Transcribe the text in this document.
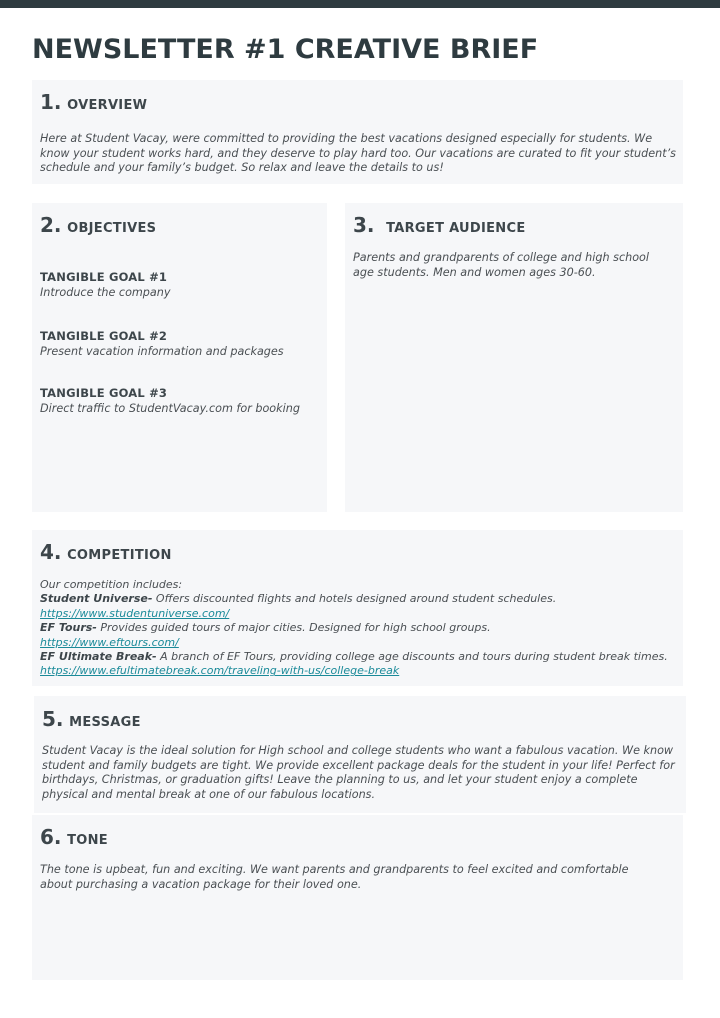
NEWSLETTER #1 CREATIVE BRIEF
1. OVERVIEW

Here at Student Vacay, were committed to providing the best vacations designed especially for students. We know your student works hard, and they deserve to play hard too. Our vacations are curated to fit your student’s schedule and your family’s budget. So relax and leave the details to us!

2. OBJECTIVES

TANGIBLE GOAL #1

Introduce the company

TANGIBLE GOAL #2

Present vacation information and packages

TANGIBLE GOAL #3

Direct traffic to StudentVacay.com for booking

3. TARGET AUDIENCE

Parents and grandparents of college and high school age students. Men and women ages 30-60.

4. COMPETITION
Our competition includes:
Student Universe- Offers discounted flights and hotels designed around student schedules.
https://www.studentuniverse.com/
EF Tours- Provides guided tours of major cities. Designed for high school groups.
https://www.eftours.com/
EF Ultimate Break- A branch of EF Tours, providing college age discounts and tours during student break times.
https://www.efultimatebreak.com/traveling-with-us/college-break
5. MESSAGE

Student Vacay is the ideal solution for High school and college students who want a fabulous vacation. We know student and family budgets are tight. We provide excellent package deals for the student in your life! Perfect for birthdays, Christmas, or graduation gifts! Leave the planning to us, and let your student enjoy a complete physical and mental break at one of our fabulous locations.

6. TONE

The tone is upbeat, fun and exciting. We want parents and grandparents to feel excited and comfortable about purchasing a vacation package for their loved one.
